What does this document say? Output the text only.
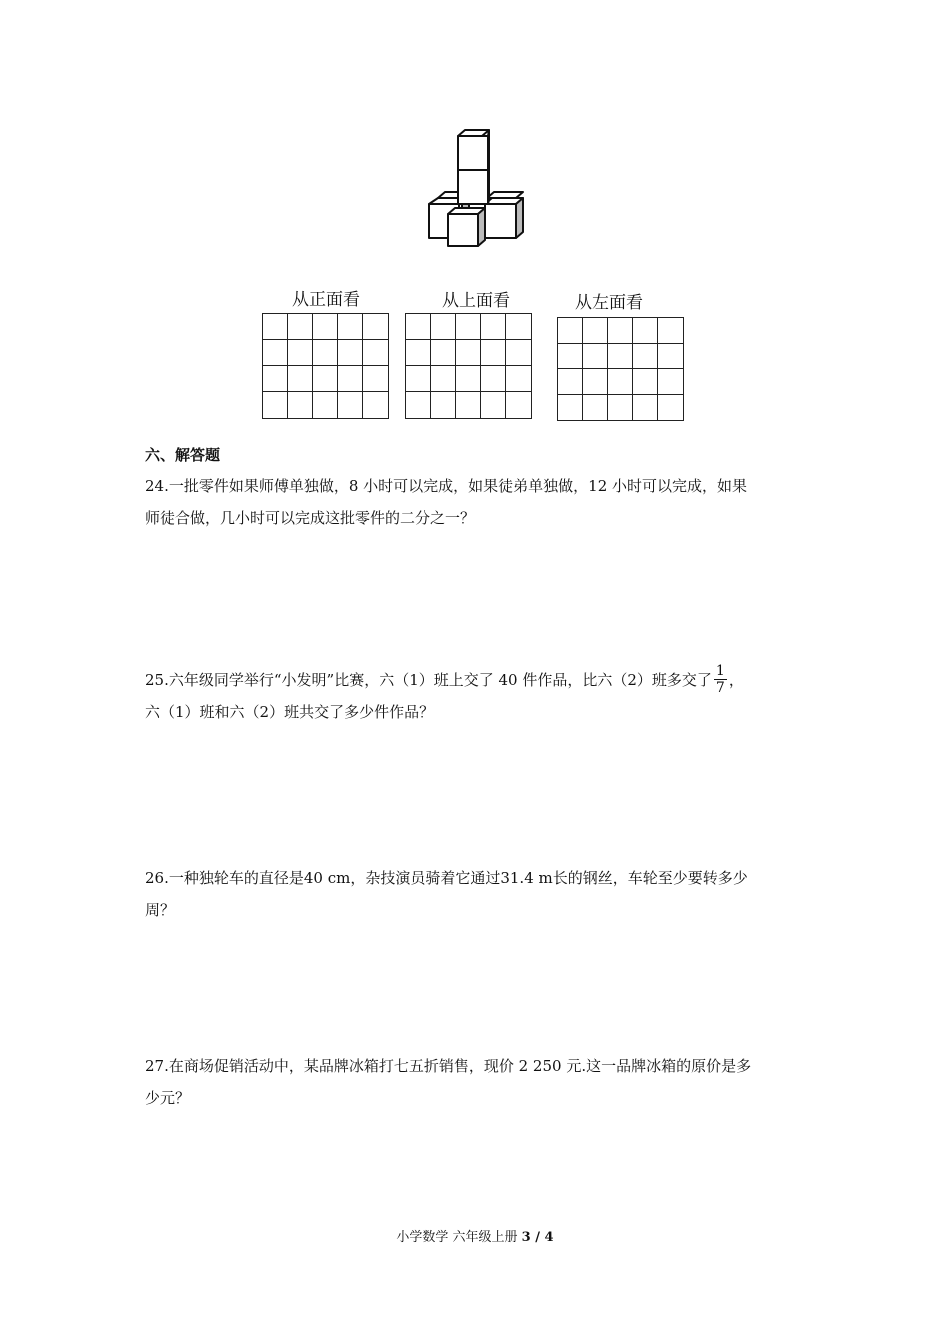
从正面看	从上面看	从左面看
六、解答题

24.一批零件如果师傅单独做，8 小时可以完成，如果徒弟单独做，12 小时可以完成，如果

师徒合做，几小时可以完成这批零件的二分之一？

25.六年级同学举行“小发明”比赛，六（1）班上交了 40 件作品，比六（2）班多交了 $\frac{1}{7}$ ，

六（1）班和六（2）班共交了多少件作品？

26.一种独轮车的直径是40 cm，杂技演员骑着它通过31.4 m长的钢丝，车轮至少要转多少

周？

27.在商场促销活动中，某品牌冰箱打七五折销售，现价 2 250 元.这一品牌冰箱的原价是多

少元？

小学数学 六年级上册 3 / 4
